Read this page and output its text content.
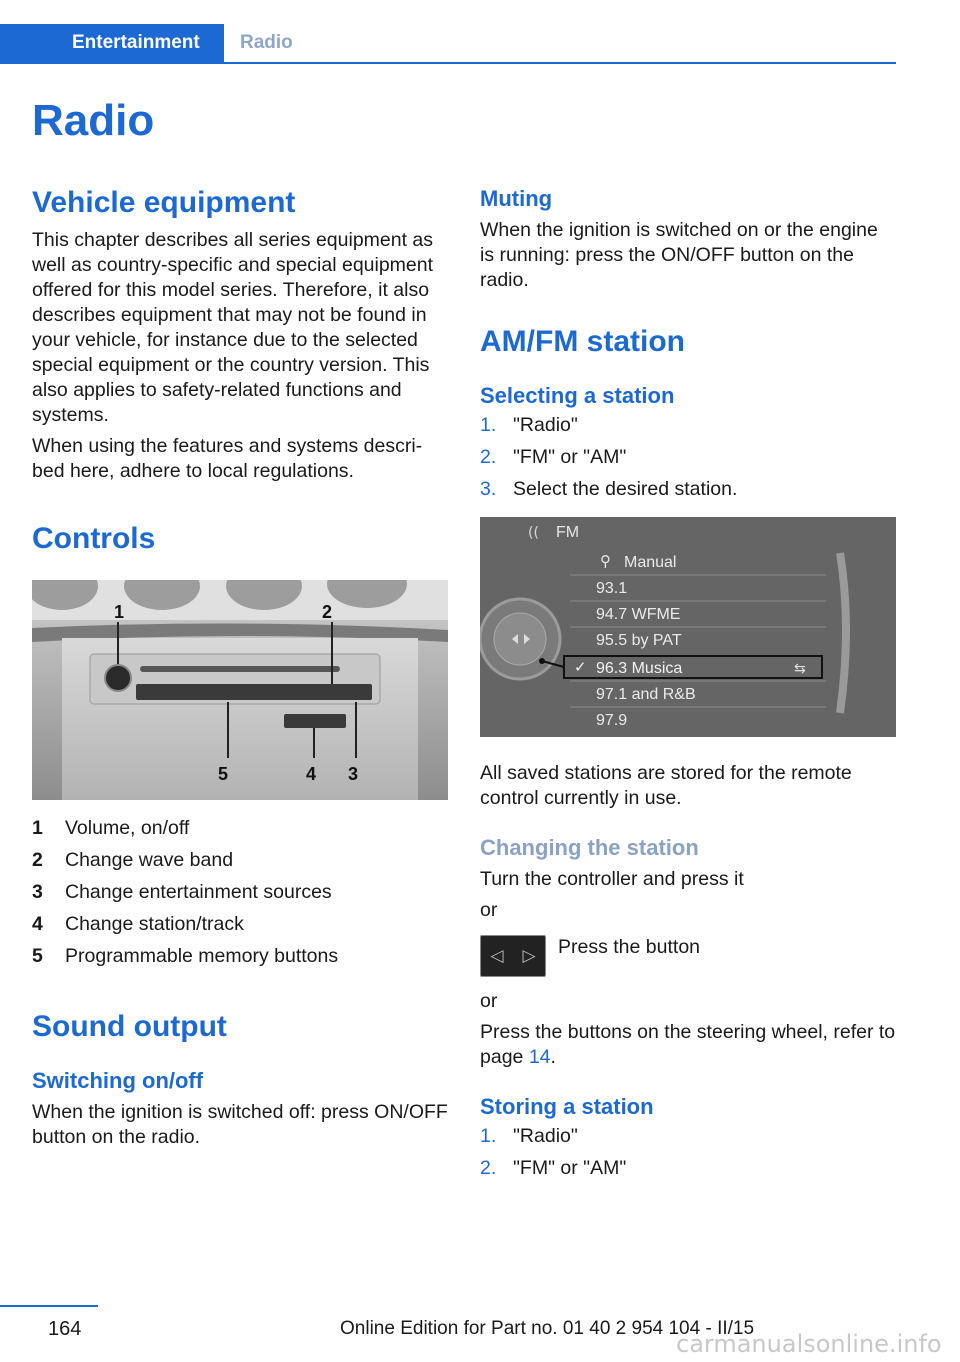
Entertainment	Radio
Radio
Vehicle equipment

This chapter describes all series equipment as well as country-specific and special equipment offered for this model series. Therefore, it also describes equipment that may not be found in your vehicle, for instance due to the selected special equipment or the country version. This also applies to safety-related functions and systems.

When using the features and systems descri‐bed here, adhere to local regulations.

Controls
1	2
5	4 3
1	Volume, on/off
2	Change wave band
3	Change entertainment sources
4	Change station/track
5	Programmable memory buttons
Sound output
Switching on/off

When the ignition is switched off: press ON/OFF button on the radio.

Muting

When the ignition is switched on or the engine is running: press the ON/OFF button on the radio.

AM/FM station
Selecting a station
1. "Radio"
2. "FM" or "AM"
3. Select the desired station.
(( FM
⚲ Manual
93.1
94.7 WFME
95.5 by PAT
✓ 96.3 Musica	⇆
97.1 and R&B
97.9

All saved stations are stored for the remote control currently in use.

Changing the station

Turn the controller and press it

or

◁ ▷ Press the button

or

Press the buttons on the steering wheel, refer to page 14.

Storing a station
1. "Radio"
2. "FM" or "AM"
164	Online Edition for Part no. 01 40 2 954 104 - II/15
carmanualsonline.info
